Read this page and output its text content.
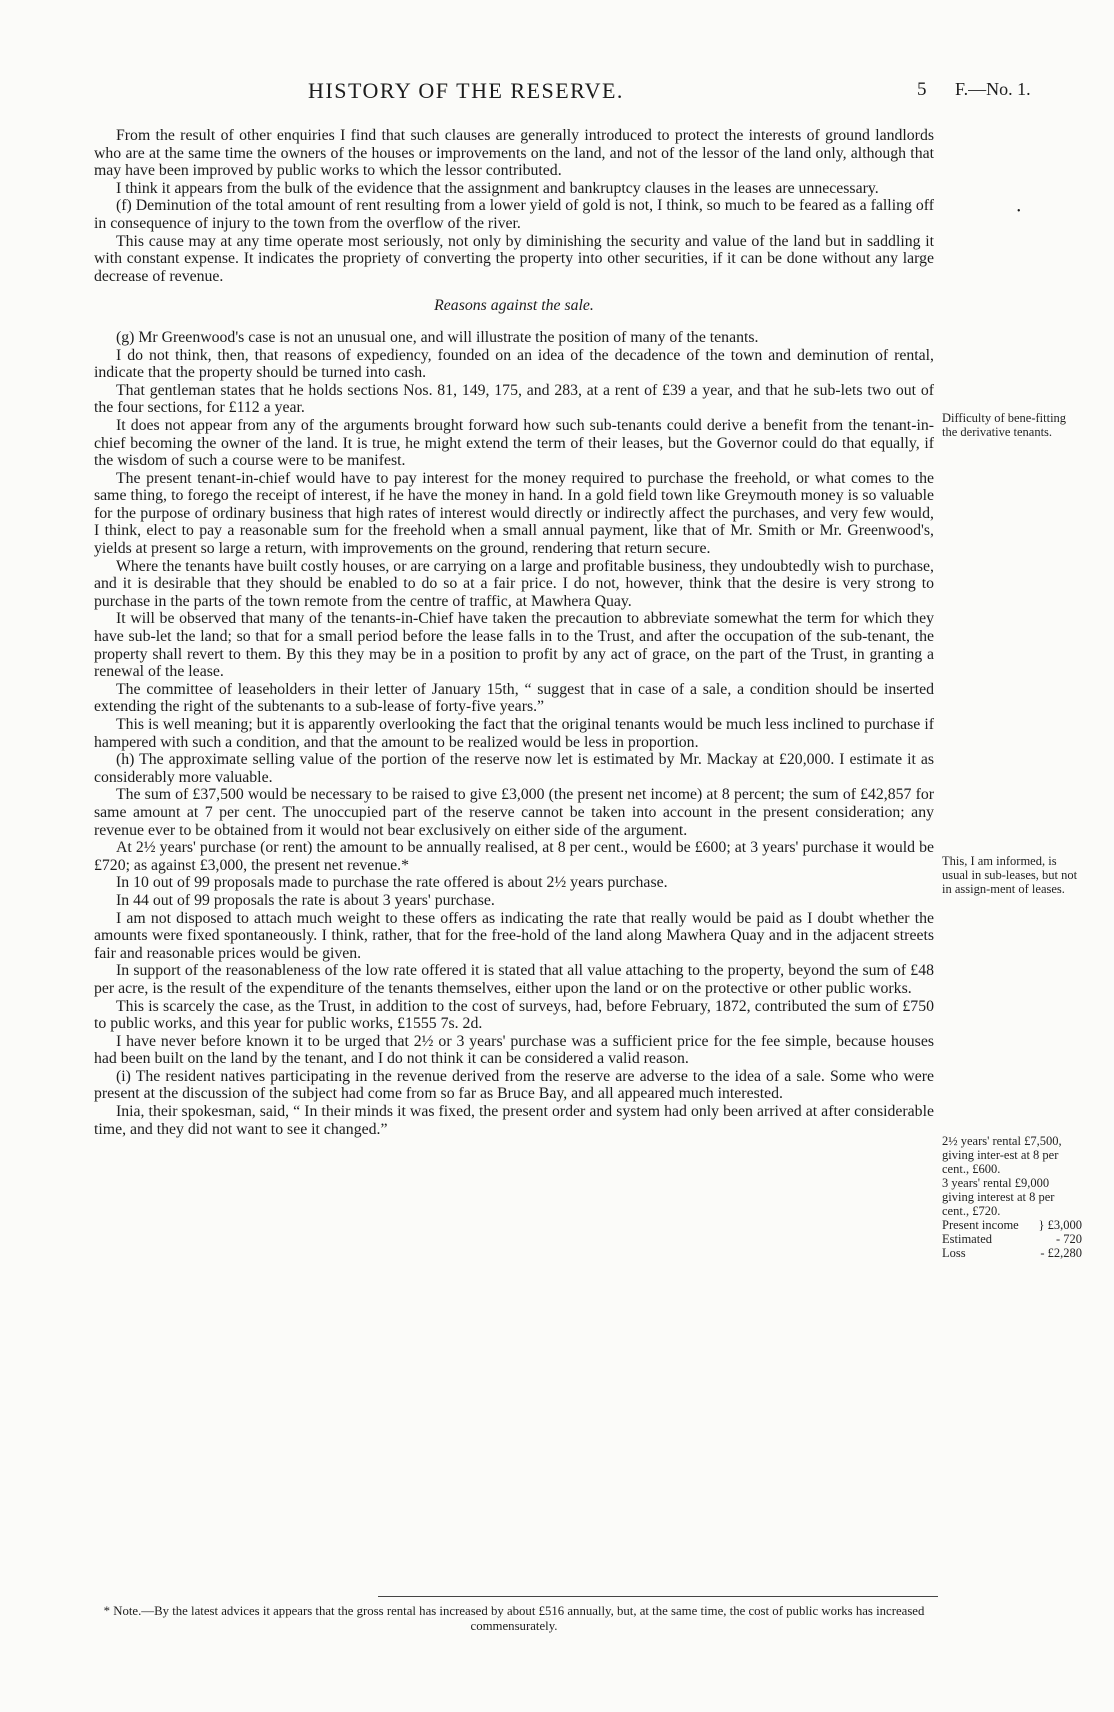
HISTORY OF THE RESERVE.	5 F.—No. 1.

From the result of other enquiries I find that such clauses are generally introduced to protect the interests of ground landlords who are at the same time the owners of the houses or improvements on the land, and not of the lessor of the land only, although that may have been improved by public works to which the lessor contributed.

I think it appears from the bulk of the evidence that the assignment and bankruptcy clauses in the leases are unnecessary.

(f) Deminution of the total amount of rent resulting from a lower yield of gold is not, I think, so much to be feared as a falling off in consequence of injury to the town from the overflow of the river.

This cause may at any time operate most seriously, not only by diminishing the security and value of the land but in saddling it with constant expense. It indicates the propriety of converting the property into other securities, if it can be done without any large decrease of revenue.

Reasons against the sale.

(g) Mr Greenwood's case is not an unusual one, and will illustrate the position of many of the tenants.

I do not think, then, that reasons of expediency, founded on an idea of the decadence of the town and deminution of rental, indicate that the property should be turned into cash.

That gentleman states that he holds sections Nos. 81, 149, 175, and 283, at a rent of £39 a year, and that he sub-lets two out of the four sections, for £112 a year.

It does not appear from any of the arguments brought forward how such sub-tenants could derive a benefit from the tenant-in-chief becoming the owner of the land. It is true, he might extend the term of their leases, but the Governor could do that equally, if the wisdom of such a course were to be manifest.

The present tenant-in-chief would have to pay interest for the money required to purchase the freehold, or what comes to the same thing, to forego the receipt of interest, if he have the money in hand. In a gold field town like Greymouth money is so valuable for the purpose of ordinary business that high rates of interest would directly or indirectly affect the purchases, and very few would, I think, elect to pay a reasonable sum for the freehold when a small annual payment, like that of Mr. Smith or Mr. Greenwood's, yields at present so large a return, with improvements on the ground, rendering that return secure.

Where the tenants have built costly houses, or are carrying on a large and profitable business, they undoubtedly wish to purchase, and it is desirable that they should be enabled to do so at a fair price. I do not, however, think that the desire is very strong to purchase in the parts of the town remote from the centre of traffic, at Mawhera Quay.

It will be observed that many of the tenants-in-Chief have taken the precaution to abbreviate somewhat the term for which they have sub-let the land; so that for a small period before the lease falls in to the Trust, and after the occupation of the sub-tenant, the property shall revert to them. By this they may be in a position to profit by any act of grace, on the part of the Trust, in granting a renewal of the lease.

The committee of leaseholders in their letter of January 15th, “ suggest that in case of a sale, a condition should be inserted extending the right of the subtenants to a sub-lease of forty-five years.”

This is well meaning; but it is apparently overlooking the fact that the original tenants would be much less inclined to purchase if hampered with such a condition, and that the amount to be realized would be less in proportion.

(h) The approximate selling value of the portion of the reserve now let is estimated by Mr. Mackay at £20,000. I estimate it as considerably more valuable.

The sum of £37,500 would be necessary to be raised to give £3,000 (the present net income) at 8 percent; the sum of £42,857 for same amount at 7 per cent. The unoccupied part of the reserve cannot be taken into account in the present consideration; any revenue ever to be obtained from it would not bear exclusively on either side of the argument.

At 2½ years' purchase (or rent) the amount to be annually realised, at 8 per cent., would be £600; at 3 years' purchase it would be £720; as against £3,000, the present net revenue.*

In 10 out of 99 proposals made to purchase the rate offered is about 2½ years purchase.

In 44 out of 99 proposals the rate is about 3 years' purchase.

I am not disposed to attach much weight to these offers as indicating the rate that really would be paid as I doubt whether the amounts were fixed spontaneously. I think, rather, that for the free-hold of the land along Mawhera Quay and in the adjacent streets fair and reasonable prices would be given.

In support of the reasonableness of the low rate offered it is stated that all value attaching to the property, beyond the sum of £48 per acre, is the result of the expenditure of the tenants themselves, either upon the land or on the protective or other public works.

This is scarcely the case, as the Trust, in addition to the cost of surveys, had, before February, 1872, contributed the sum of £750 to public works, and this year for public works, £1555 7s. 2d.

I have never before known it to be urged that 2½ or 3 years' purchase was a sufficient price for the fee simple, because houses had been built on the land by the tenant, and I do not think it can be considered a valid reason.

(i) The resident natives participating in the revenue derived from the reserve are adverse to the idea of a sale. Some who were present at the discussion of the subject had come from so far as Bruce Bay, and all appeared much interested.

Inia, their spokesman, said, “ In their minds it was fixed, the present order and system had only been arrived at after considerable time, and they did not want to see it changed.”

•
Difficulty of bene-fitting the derivative tenants.
This, I am informed, is usual in sub-leases, but not in assign-ment of leases.
2½ years' rental £7,500, giving inter-est at 8 per cent., £600.
3 years' rental £9,000 giving interest at 8 per cent., £720.
Present income } £3,000
Estimated	- 720
Loss	- £2,280
* Note.—By the latest advices it appears that the gross rental has increased by about £516 annually, but, at the same time, the cost of public works has increased commensurately.
